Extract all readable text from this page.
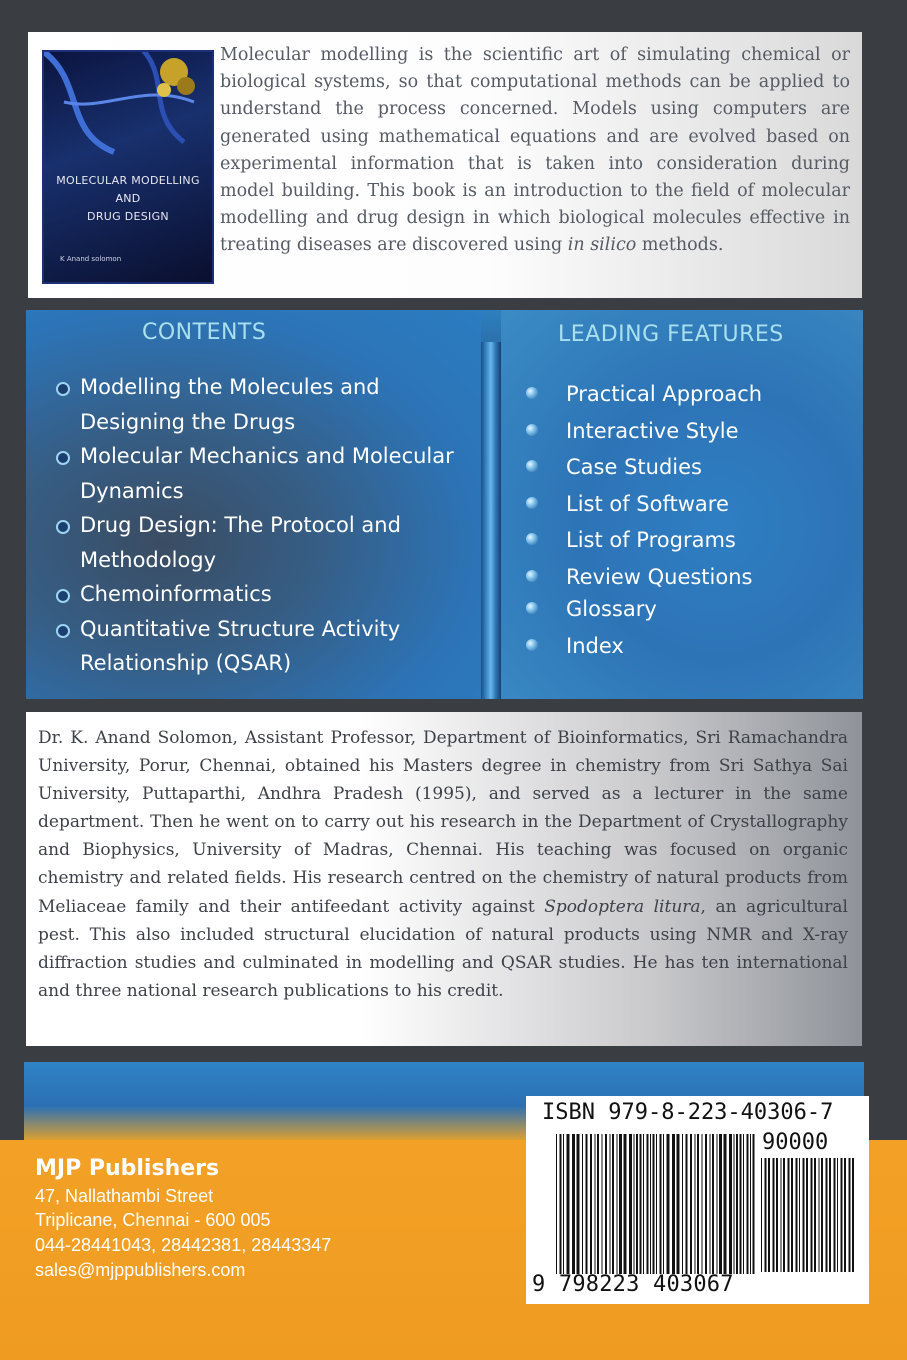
MOLECULAR MODELLING
AND
DRUG DESIGN
K Anand solomon

Molecular modelling is the scientific art of simulating chemical or biological systems, so that computational methods can be applied to understand the process concerned. Models using computers are generated using mathematical equations and are evolved based on experimental information that is taken into consideration during model building. This book is an introduction to the field of molecular modelling and drug design in which biological molecules effective in treating diseases are discovered using in silico methods.

CONTENTS
Modelling the Molecules and Designing the Drugs
Molecular Mechanics and Molecular Dynamics
Drug Design: The Protocol and Methodology
Chemoinformatics
Quantitative Structure Activity Relationship (QSAR)
LEADING FEATURES
Practical Approach
Interactive Style
Case Studies
List of Software
List of Programs
Review Questions
Glossary
Index

Dr. K. Anand Solomon, Assistant Professor, Department of Bioinformatics, Sri Ramachandra University, Porur, Chennai, obtained his Masters degree in chemistry from Sri Sathya Sai University, Puttaparthi, Andhra Pradesh (1995), and served as a lecturer in the same department. Then he went on to carry out his research in the Department of Crystallography and Biophysics, University of Madras, Chennai. His teaching was focused on organic chemistry and related fields. His research centred on the chemistry of natural products from Meliaceae family and their antifeedant activity against Spodoptera litura, an agricultural pest. This also included structural elucidation of natural products using NMR and X-ray diffraction studies and culminated in modelling and QSAR studies. He has ten international and three national research publications to his credit.

MJP Publishers
47, Nallathambi Street
Triplicane, Chennai - 600 005
044-28441043, 28442381, 28443347
sales@mjppublishers.com
ISBN 979-8-223-40306-7
90000
9 798223 403067
